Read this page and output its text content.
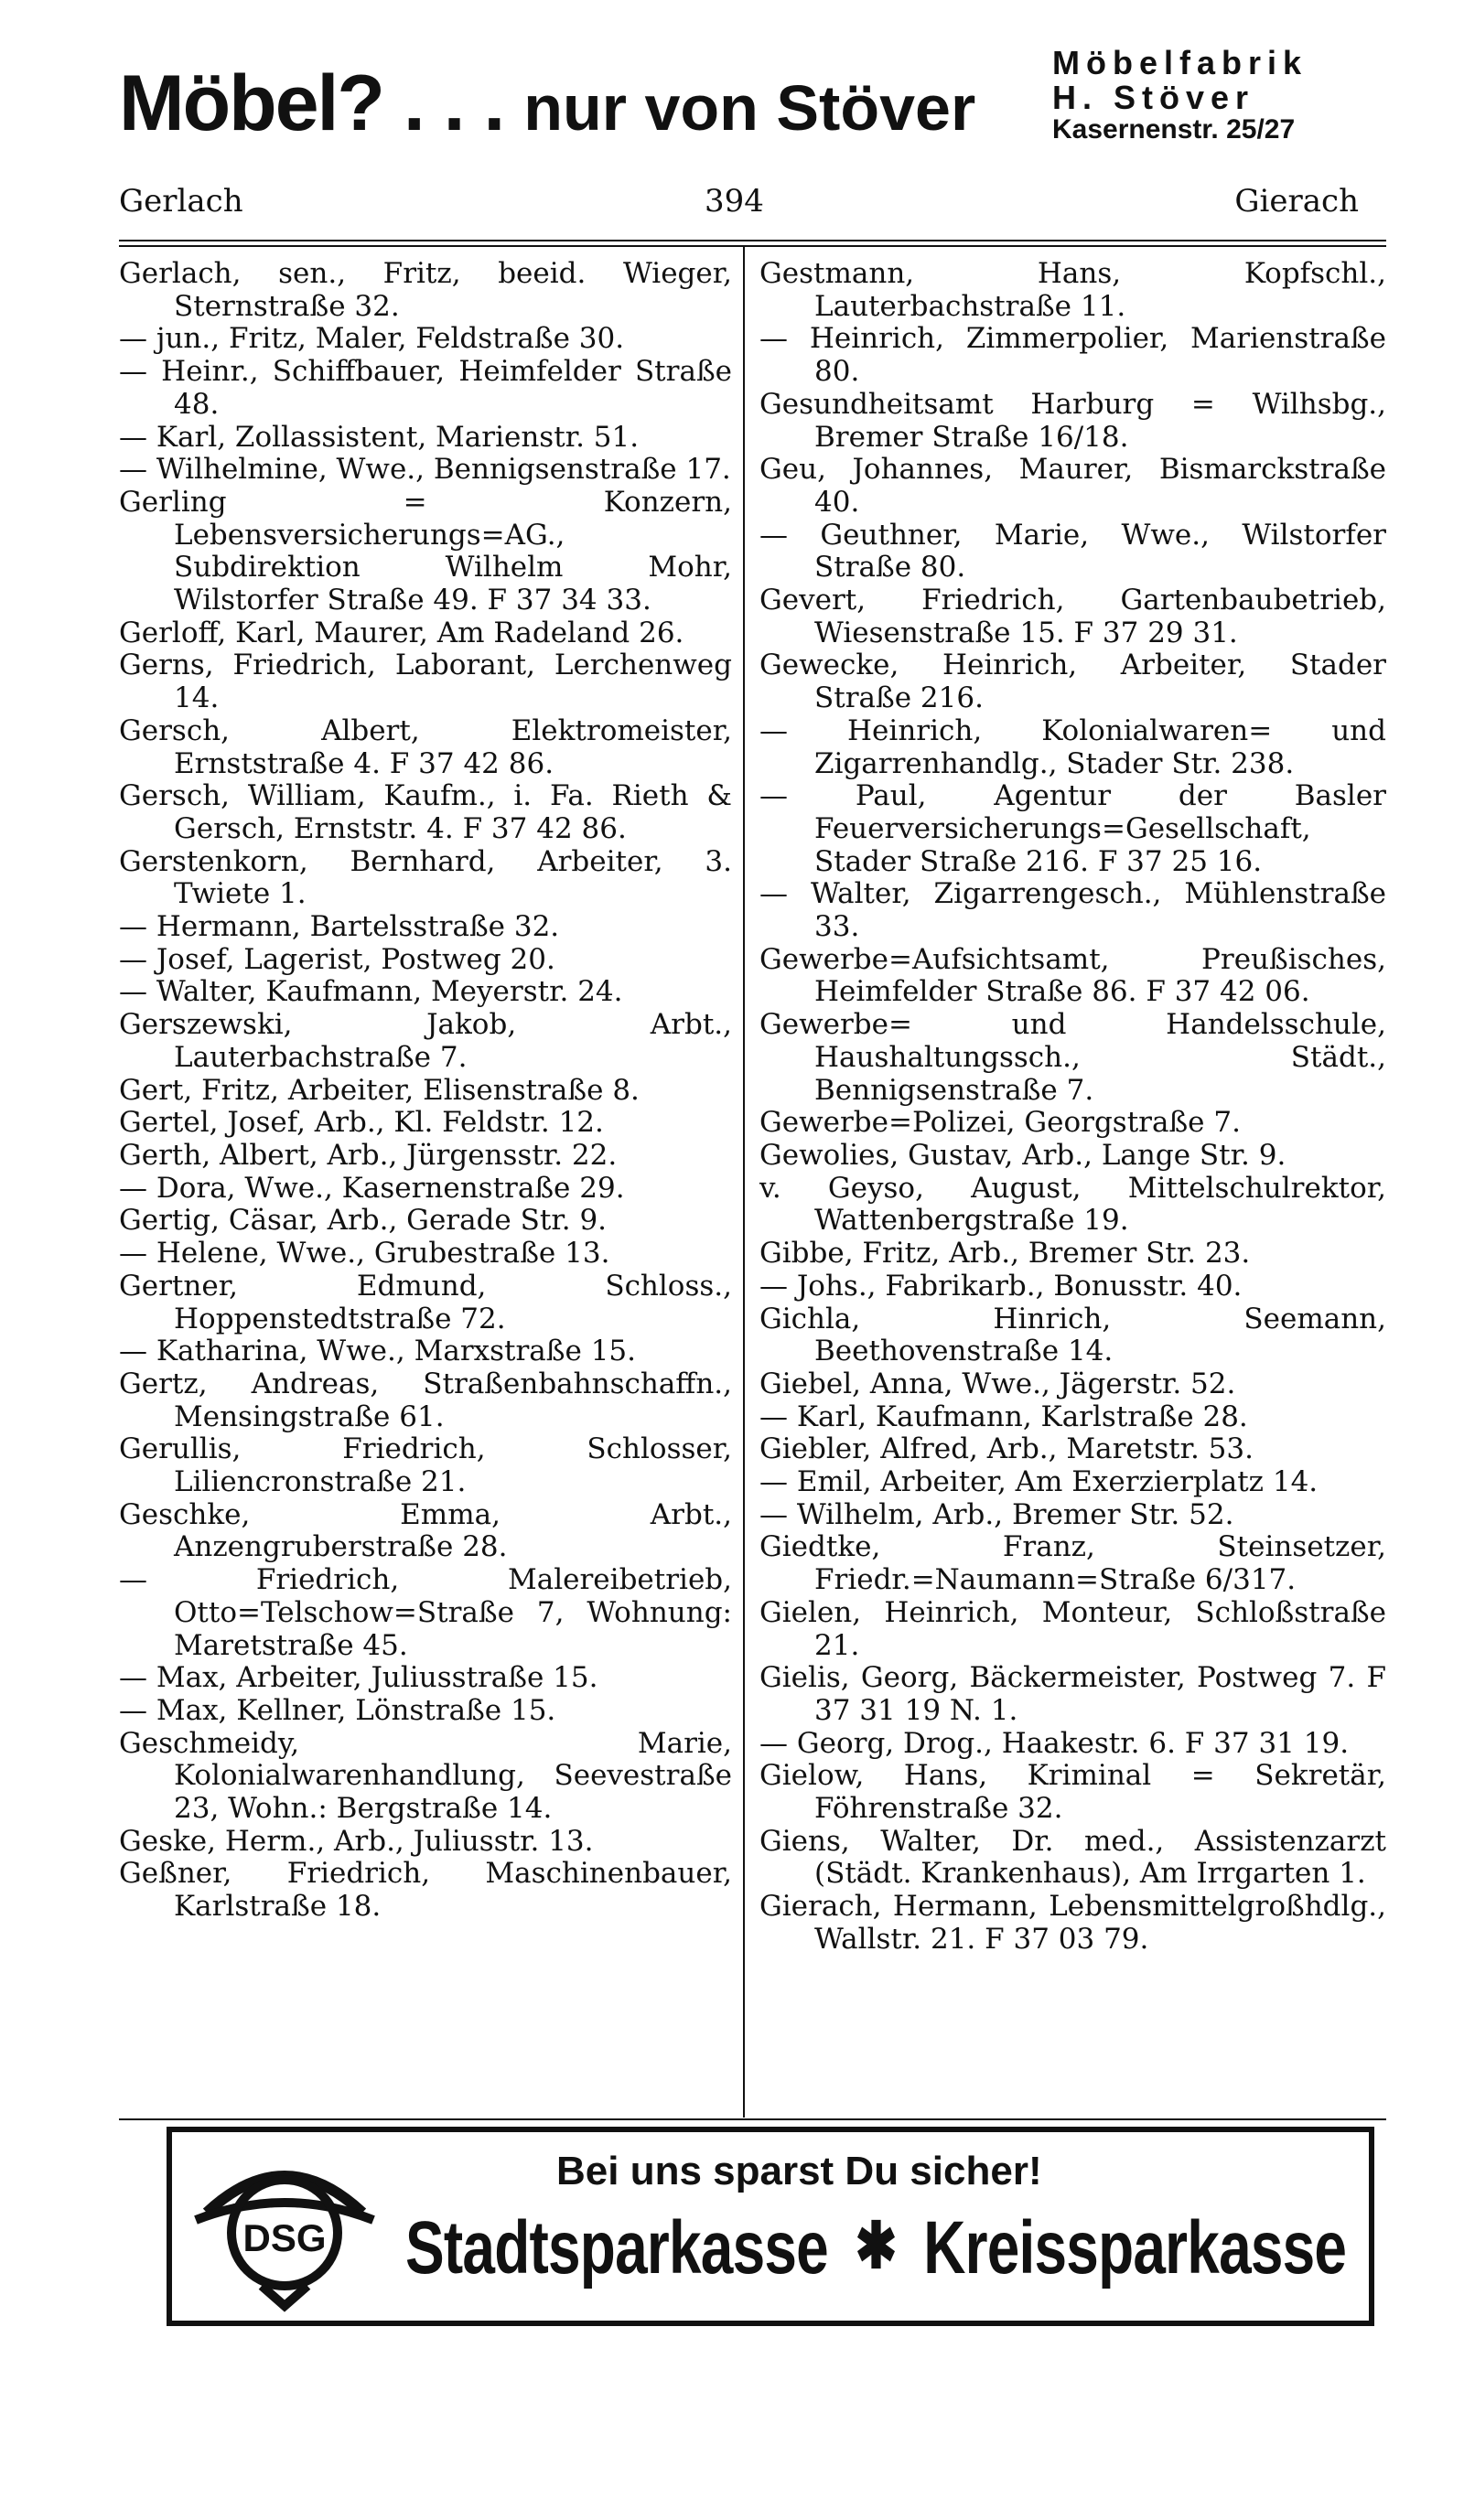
Möbel? . . . nur von Stöver
Möbelfabrik
H. Stöver
Kasernenstr. 25/27
Gerlach	394	Gierach

Gerlach, sen., Fritz, beeid. Wieger, Sternstraße 32.

— jun., Fritz, Maler, Feldstraße 30.

— Heinr., Schiffbauer, Heimfelder Straße 48.

— Karl, Zollassistent, Marienstr. 51.

— Wilhelmine, Wwe., Bennigsenstraße 17.

Gerling = Konzern, Lebensversicherungs=AG., Subdirektion Wilhelm Mohr, Wilstorfer Straße 49. F 37 34 33.

Gerloff, Karl, Maurer, Am Radeland 26.

Gerns, Friedrich, Laborant, Lerchenweg 14.

Gersch, Albert, Elektromeister, Ernststraße 4. F 37 42 86.

Gersch, William, Kaufm., i. Fa. Rieth & Gersch, Ernststr. 4. F 37 42 86.

Gerstenkorn, Bernhard, Arbeiter, 3. Twiete 1.

— Hermann, Bartelsstraße 32.

— Josef, Lagerist, Postweg 20.

— Walter, Kaufmann, Meyerstr. 24.

Gerszewski, Jakob, Arbt., Lauterbachstraße 7.

Gert, Fritz, Arbeiter, Elisenstraße 8.

Gertel, Josef, Arb., Kl. Feldstr. 12.

Gerth, Albert, Arb., Jürgensstr. 22.

— Dora, Wwe., Kasernenstraße 29.

Gertig, Cäsar, Arb., Gerade Str. 9.

— Helene, Wwe., Grubestraße 13.

Gertner, Edmund, Schloss., Hoppenstedtstraße 72.

— Katharina, Wwe., Marxstraße 15.

Gertz, Andreas, Straßenbahnschaffn., Mensingstraße 61.

Gerullis, Friedrich, Schlosser, Liliencronstraße 21.

Geschke, Emma, Arbt., Anzengruberstraße 28.

— Friedrich, Malereibetrieb, Otto=Telschow=Straße 7, Wohnung: Maretstraße 45.

— Max, Arbeiter, Juliusstraße 15.

— Max, Kellner, Lönstraße 15.

Geschmeidy, Marie, Kolonialwarenhandlung, Seevestraße 23, Wohn.: Bergstraße 14.

Geske, Herm., Arb., Juliusstr. 13.

Geßner, Friedrich, Maschinenbauer, Karlstraße 18.

Gestmann, Hans, Kopfschl., Lauterbachstraße 11.

— Heinrich, Zimmerpolier, Marienstraße 80.

Gesundheitsamt Harburg = Wilhsbg., Bremer Straße 16/18.

Geu, Johannes, Maurer, Bismarckstraße 40.

— Geuthner, Marie, Wwe., Wilstorfer Straße 80.

Gevert, Friedrich, Gartenbaubetrieb, Wiesenstraße 15. F 37 29 31.

Gewecke, Heinrich, Arbeiter, Stader Straße 216.

— Heinrich, Kolonialwaren= und Zigarrenhandlg., Stader Str. 238.

— Paul, Agentur der Basler Feuerversicherungs=Gesellschaft, Stader Straße 216. F 37 25 16.

— Walter, Zigarrengesch., Mühlenstraße 33.

Gewerbe=Aufsichtsamt, Preußisches, Heimfelder Straße 86. F 37 42 06.

Gewerbe= und Handelsschule, Haushaltungssch., Städt., Bennigsenstraße 7.

Gewerbe=Polizei, Georgstraße 7.

Gewolies, Gustav, Arb., Lange Str. 9.

v. Geyso, August, Mittelschulrektor, Wattenbergstraße 19.

Gibbe, Fritz, Arb., Bremer Str. 23.

— Johs., Fabrikarb., Bonusstr. 40.

Gichla, Hinrich, Seemann, Beethovenstraße 14.

Giebel, Anna, Wwe., Jägerstr. 52.

— Karl, Kaufmann, Karlstraße 28.

Giebler, Alfred, Arb., Maretstr. 53.

— Emil, Arbeiter, Am Exerzierplatz 14.

— Wilhelm, Arb., Bremer Str. 52.

Giedtke, Franz, Steinsetzer, Friedr.=Naumann=Straße 6/317.

Gielen, Heinrich, Monteur, Schloßstraße 21.

Gielis, Georg, Bäckermeister, Postweg 7. F 37 31 19 N. 1.

— Georg, Drog., Haakestr. 6. F 37 31 19.

Gielow, Hans, Kriminal = Sekretär, Föhrenstraße 32.

Giens, Walter, Dr. med., Assistenzarzt (Städt. Krankenhaus), Am Irrgarten 1.

Gierach, Hermann, Lebensmittelgroßhdlg., Wallstr. 21. F 37 03 79.

DSG
Bei uns sparst Du sicher!
Stadtsparkasse ✱ Kreissparkasse
